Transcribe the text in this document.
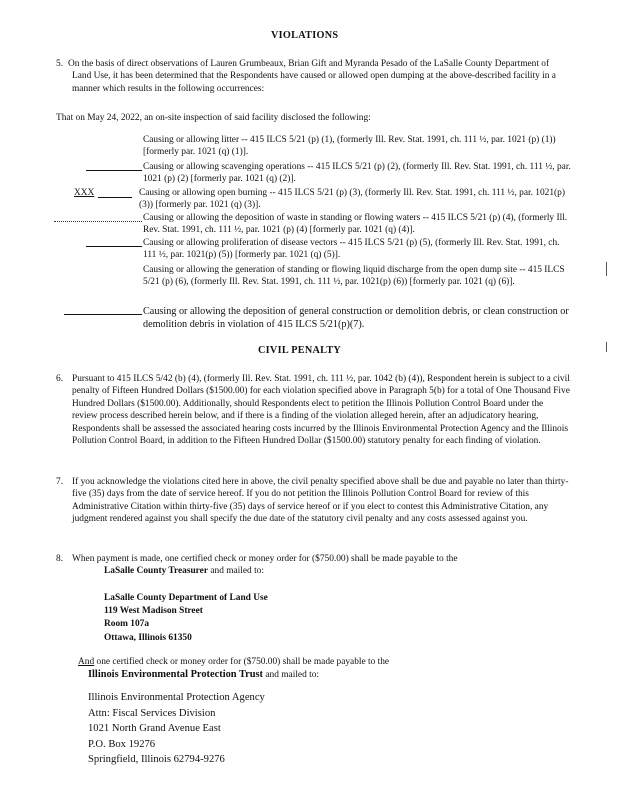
VIOLATIONS
5. On the basis of direct observations of Lauren Grumbeaux, Brian Gift and Myranda Pesado of the LaSalle County Department of Land Use, it has been determined that the Respondents have caused or allowed open dumping at the above-described facility in a manner which results in the following occurrences:
That on May 24, 2022, an on-site inspection of said facility disclosed the following:
Causing or allowing litter -- 415 ILCS 5/21 (p) (1), (formerly Ill. Rev. Stat. 1991, ch. 111 ½, par. 1021 (p) (1)) [formerly par. 1021 (q) (1)].
Causing or allowing scavenging operations -- 415 ILCS 5/21 (p) (2), (formerly Ill. Rev. Stat. 1991, ch. 111 ½, par. 1021 (p) (2) [formerly par. 1021 (q) (2)].
XXX	Causing or allowing open burning -- 415 ILCS 5/21 (p) (3), (formerly Ill. Rev. Stat. 1991, ch. 111 ½, par. 1021(p) (3)) [formerly par. 1021 (q) (3)].
Causing or allowing the deposition of waste in standing or flowing waters -- 415 ILCS 5/21 (p) (4), (formerly Ill. Rev. Stat. 1991, ch. 111 ½, par. 1021 (p) (4) [formerly par. 1021 (q) (4)].
Causing or allowing proliferation of disease vectors -- 415 ILCS 5/21 (p) (5), (formerly Ill. Rev. Stat. 1991, ch. 111 ½, par. 1021(p) (5)) [formerly par. 1021 (q) (5)].
Causing or allowing the generation of standing or flowing liquid discharge from the open dump site -- 415 ILCS 5/21 (p) (6), (formerly Ill. Rev. Stat. 1991, ch. 111 ½, par. 1021(p) (6)) [formerly par. 1021 (q) (6)].
Causing or allowing the deposition of general construction or demolition debris, or clean construction or demolition debris in violation of 415 ILCS 5/21(p)(7).
CIVIL PENALTY
6. Pursuant to 415 ILCS 5/42 (b) (4), (formerly Ill. Rev. Stat. 1991, ch. 111 ½, par. 1042 (b) (4)), Respondent herein is subject to a civil penalty of Fifteen Hundred Dollars ($1500.00) for each violation specified above in Paragraph 5(b) for a total of One Thousand Five Hundred Dollars ($1500.00). Additionally, should Respondents elect to petition the Illinois Pollution Control Board under the review process described herein below, and if there is a finding of the violation alleged herein, after an adjudicatory hearing, Respondents shall be assessed the associated hearing costs incurred by the Illinois Environmental Protection Agency and the Illinois Pollution Control Board, in addition to the Fifteen Hundred Dollar ($1500.00) statutory penalty for each finding of violation.
7. If you acknowledge the violations cited here in above, the civil penalty specified above shall be due and payable no later than thirty-five (35) days from the date of service hereof. If you do not petition the Illinois Pollution Control Board for review of this Administrative Citation within thirty-five (35) days of service hereof or if you elect to contest this Administrative Citation, any judgment rendered against you shall specify the due date of the statutory civil penalty and any costs assessed against you.
8. When payment is made, one certified check or money order for ($750.00) shall be made payable to the
LaSalle County Treasurer and mailed to:
LaSalle County Department of Land Use
119 West Madison Street
Room 107a
Ottawa, Illinois 61350
And one certified check or money order for ($750.00) shall be made payable to the
Illinois Environmental Protection Trust and mailed to:
Illinois Environmental Protection Agency
Attn: Fiscal Services Division
1021 North Grand Avenue East
P.O. Box 19276
Springfield, Illinois 62794-9276
